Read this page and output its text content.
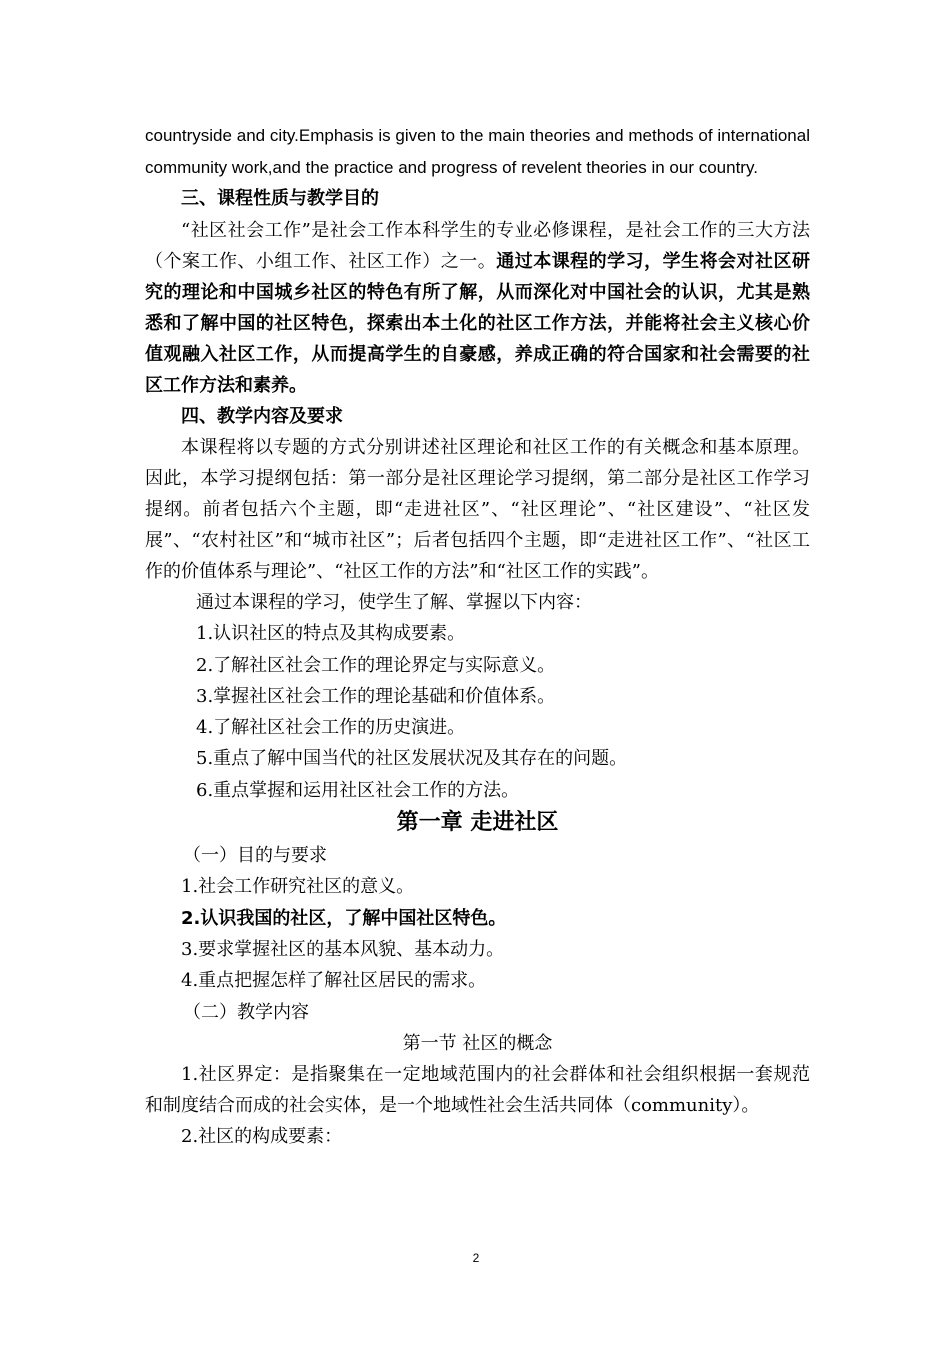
countryside and city.Emphasis is given to the main theories and methods of international community work,and the practice and progress of revelent theories in our country.

三、课程性质与教学目的

“社区社会工作”是社会工作本科学生的专业必修课程，是社会工作的三大方法（个案工作、小组工作、社区工作）之一。通过本课程的学习，学生将会对社区研究的理论和中国城乡社区的特色有所了解，从而深化对中国社会的认识，尤其是熟悉和了解中国的社区特色，探索出本土化的社区工作方法，并能将社会主义核心价值观融入社区工作，从而提高学生的自豪感，养成正确的符合国家和社会需要的社区工作方法和素养。

四、教学内容及要求

本课程将以专题的方式分别讲述社区理论和社区工作的有关概念和基本原理。因此，本学习提纲包括：第一部分是社区理论学习提纲，第二部分是社区工作学习提纲。前者包括六个主题，即“走进社区”、“社区理论”、“社区建设”、“社区发展”、“农村社区”和“城市社区”；后者包括四个主题，即“走进社区工作”、“社区工作的价值体系与理论”、“社区工作的方法”和“社区工作的实践”。

通过本课程的学习，使学生了解、掌握以下内容：

1.认识社区的特点及其构成要素。
2.了解社区社会工作的理论界定与实际意义。
3.掌握社区社会工作的理论基础和价值体系。
4.了解社区社会工作的历史演进。
5.重点了解中国当代的社区发展状况及其存在的问题。
6.重点掌握和运用社区社会工作的方法。

第一章 走进社区

（一）目的与要求

1.社会工作研究社区的意义。

2.认识我国的社区，了解中国社区特色。

3.要求掌握社区的基本风貌、基本动力。

4.重点把握怎样了解社区居民的需求。

（二）教学内容

第一节 社区的概念

1.社区界定：是指聚集在一定地域范围内的社会群体和社会组织根据一套规范和制度结合而成的社会实体，是一个地域性社会生活共同体（community）。

2.社区的构成要素：

2
